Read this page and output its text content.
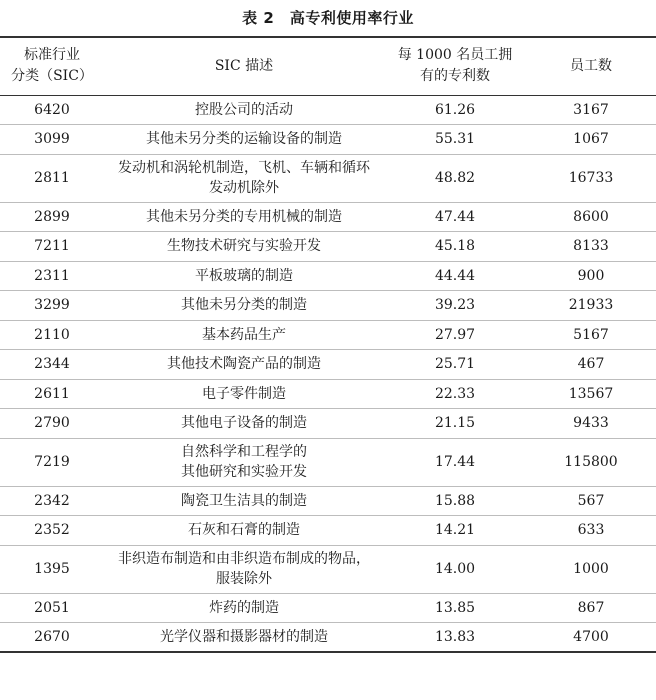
表 2　高专利使用率行业
标准行业
分类（SIC）	SIC 描述	每 1000 名员工拥
有的专利数	员工数
6420	控股公司的活动	61.26	3167
3099	其他未另分类的运输设备的制造	55.31	1067
2811	发动机和涡轮机制造，飞机、车辆和循环
发动机除外	48.82	16733
2899	其他未另分类的专用机械的制造	47.44	8600
7211	生物技术研究与实验开发	45.18	8133
2311	平板玻璃的制造	44.44	900
3299	其他未另分类的制造	39.23	21933
2110	基本药品生产	27.97	5167
2344	其他技术陶瓷产品的制造	25.71	467
2611	电子零件制造	22.33	13567
2790	其他电子设备的制造	21.15	9433
7219	自然科学和工程学的
其他研究和实验开发	17.44	115800
2342	陶瓷卫生洁具的制造	15.88	567
2352	石灰和石膏的制造	14.21	633
1395	非织造布制造和由非织造布制成的物品，
服装除外	14.00	1000
2051	炸药的制造	13.85	867
2670	光学仪器和摄影器材的制造	13.83	4700
